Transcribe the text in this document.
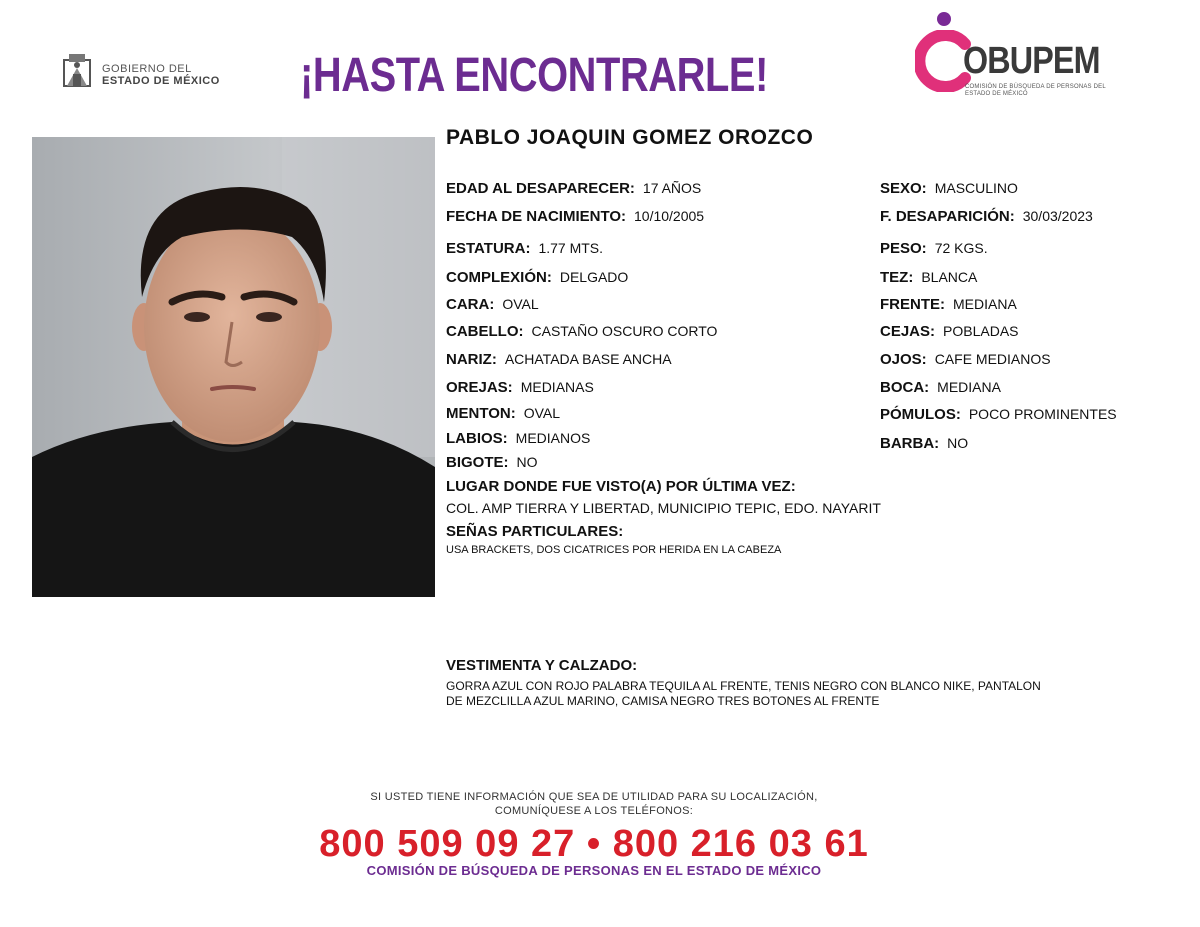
GOBIERNO DEL
ESTADO DE MÉXICO ¡HASTA ENCONTRARLE!	OBUPEM
COMISIÓN DE BÚSQUEDA DE PERSONAS DEL ESTADO DE MÉXICO
PABLO JOAQUIN GOMEZ OROZCO
EDAD AL DESAPARECER: 17 AÑOS
FECHA DE NACIMIENTO: 10/10/2005
ESTATURA: 1.77 MTS.
COMPLEXIÓN: DELGADO
CARA: OVAL
CABELLO: CASTAÑO OSCURO CORTO
NARIZ: ACHATADA BASE ANCHA
OREJAS: MEDIANAS
MENTON: OVAL
LABIOS: MEDIANOS
BIGOTE: NO
SEXO: MASCULINO
F. DESAPARICIÓN: 30/03/2023
PESO: 72 KGS.
TEZ: BLANCA
FRENTE: MEDIANA
CEJAS: POBLADAS
OJOS: CAFE MEDIANOS
BOCA: MEDIANA
PÓMULOS: POCO PROMINENTES
BARBA: NO
LUGAR DONDE FUE VISTO(A) POR ÚLTIMA VEZ:
COL. AMP TIERRA Y LIBERTAD, MUNICIPIO TEPIC, EDO. NAYARIT
SEÑAS PARTICULARES:
USA BRACKETS, DOS CICATRICES POR HERIDA EN LA CABEZA
VESTIMENTA Y CALZADO:
GORRA AZUL CON ROJO PALABRA TEQUILA AL FRENTE, TENIS NEGRO CON BLANCO NIKE, PANTALON
DE MEZCLILLA AZUL MARINO, CAMISA NEGRO TRES BOTONES AL FRENTE
SI USTED TIENE INFORMACIÓN QUE SEA DE UTILIDAD PARA SU LOCALIZACIÓN,
COMUNÍQUESE A LOS TELÉFONOS:
800 509 09 27 • 800 216 03 61
COMISIÓN DE BÚSQUEDA DE PERSONAS EN EL ESTADO DE MÉXICO
